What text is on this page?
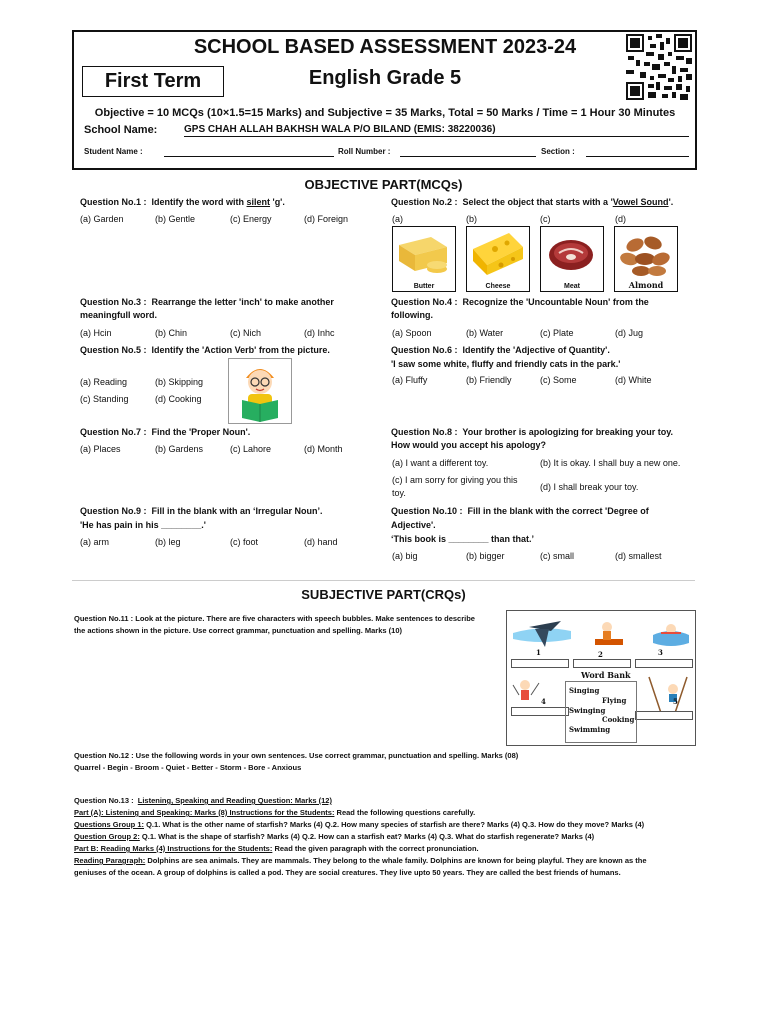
SCHOOL BASED ASSESSMENT 2023-24
English Grade 5
First Term
Objective = 10 MCQs (10×1.5=15 Marks) and Subjective = 35 Marks, Total = 50 Marks / Time = 1 Hour 30 Minutes
School Name:	GPS CHAH ALLAH BAKHSH WALA P/O BILAND (EMIS: 38220036)
Student Name :	Roll Number :	Section :
OBJECTIVE PART(MCQs)
Question No.1 : Identify the word with silent 'g'.
(a) Garden	(b) Gentle	(c) Energy	(d) Foreign
Question No.2 : Select the object that starts with a 'Vowel Sound'.
(a)	(b)	(c)	(d)
Butter	Cheese	Meat	Almond
Question No.3 : Rearrange the letter 'inch' to make another
meaningfull word.
(a) Hcin	(b) Chin	(c) Nich	(d) Inhc
Question No.4 : Recognize the 'Uncountable Noun' from the
following.
(a) Spoon	(b) Water	(c) Plate	(d) Jug
Question No.5 : Identify the 'Action Verb' from the picture.
(a) Reading	(b) Skipping
(c) Standing	(d) Cooking
Question No.6 : Identify the 'Adjective of Quantity'.
'I saw some white, fluffy and friendly cats in the park.'
(a) Fluffy	(b) Friendly	(c) Some	(d) White
Question No.7 : Find the 'Proper Noun'.
(a) Places	(b) Gardens	(c) Lahore	(d) Month
Question No.8 : Your brother is apologizing for breaking your toy.
How would you accept his apology?
(a) I want a different toy.	(b) It is okay. I shall buy a new one.
(c) I am sorry for giving you this toy.
(d) I shall break your toy.
Question No.9 : Fill in the blank with an ‘Irregular Noun’.
'He has pain in his ________.'
(a) arm	(b) leg	(c) foot	(d) hand
Question No.10 : Fill in the blank with the correct 'Degree of
Adjective'.
‘This book is ________ than that.’
(a) big	(b) bigger	(c) small	(d) smallest
SUBJECTIVE PART(CRQs)
Question No.11 : Look at the picture. There are five characters with speech bubbles. Make sentences to describe
the actions shown in the picture. Use correct grammar, punctuation and spelling. Marks (10)
1	2	3
4	5
Word Bank
Singing
Flying
Swinging
Cooking
Swimming
Question No.12 : Use the following words in your own sentences. Use correct grammar, punctuation and spelling. Marks (08)
Quarrel - Begin - Broom - Quiet - Better - Storm - Bore - Anxious
Question No.13 : Listening, Speaking and Reading Question: Marks (12)
Part (A): Listening and Speaking: Marks (8) Instructions for the Students: Read the following questions carefully.
Questions Group 1: Q.1. What is the other name of starfish? Marks (4) Q.2. How many species of starfish are there? Marks (4) Q.3. How do they move? Marks (4)
Question Group 2: Q.1. What is the shape of starfish? Marks (4) Q.2. How can a starfish eat? Marks (4) Q.3. What do starfish regenerate? Marks (4)
Part B: Reading Marks (4) Instructions for the Students: Read the given paragraph with the correct pronunciation.
Reading Paragraph: Dolphins are sea animals. They are mammals. They belong to the whale family. Dolphins are known for being playful. They are known as the
geniuses of the ocean. A group of dolphins is called a pod. They are social creatures. They live upto 50 years. They are called the best friends of humans.
